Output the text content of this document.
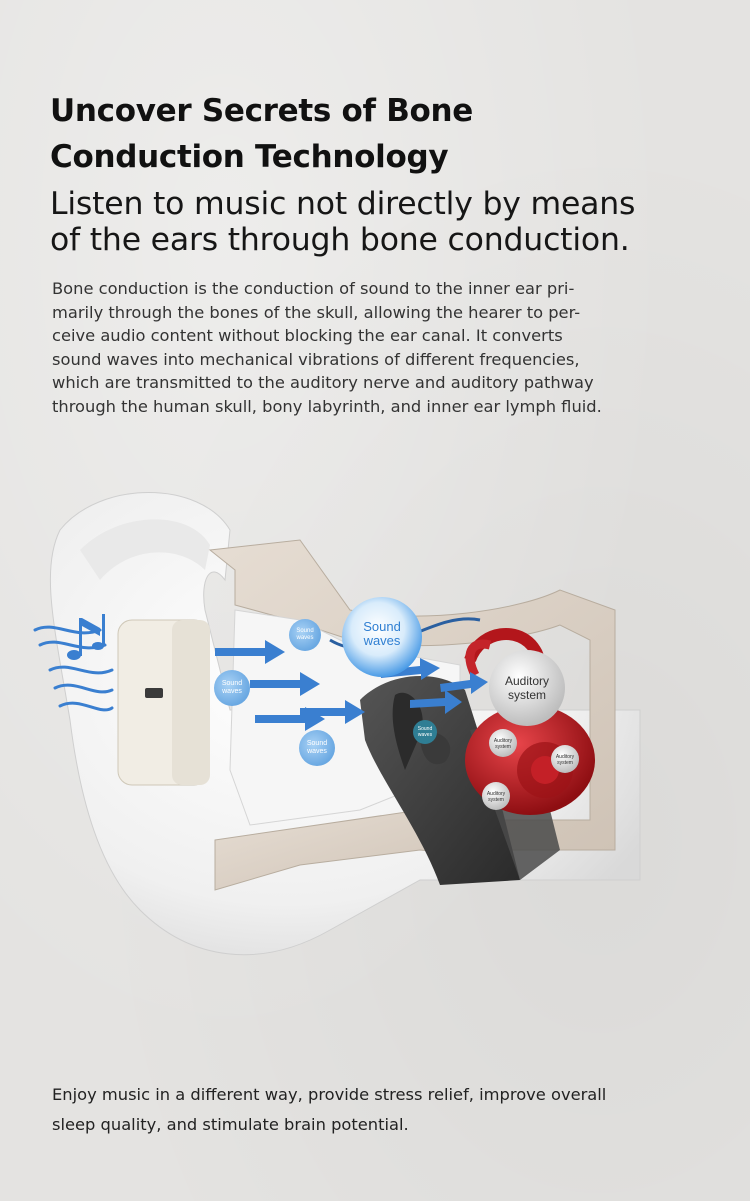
Uncover Secrets of Bone
Conduction Technology
Listen to music not directly by means
of the ears through bone conduction.
Bone conduction is the conduction of sound to the inner ear pri-
marily through the bones of the skull, allowing the hearer to per-
ceive audio content without blocking the ear canal. It converts
sound waves into mechanical vibrations of different frequencies,
which are transmitted to the auditory nerve and auditory pathway
through the human skull, bony labyrinth, and inner ear lymph fluid.
Sound
waves
Sound
waves
Sound
waves
Sound
waves
Sound
waves
Auditory
system
Auditory
system
Auditory
system
Auditory
system
Enjoy music in a different way, provide stress relief, improve overall
sleep quality, and stimulate brain potential.
